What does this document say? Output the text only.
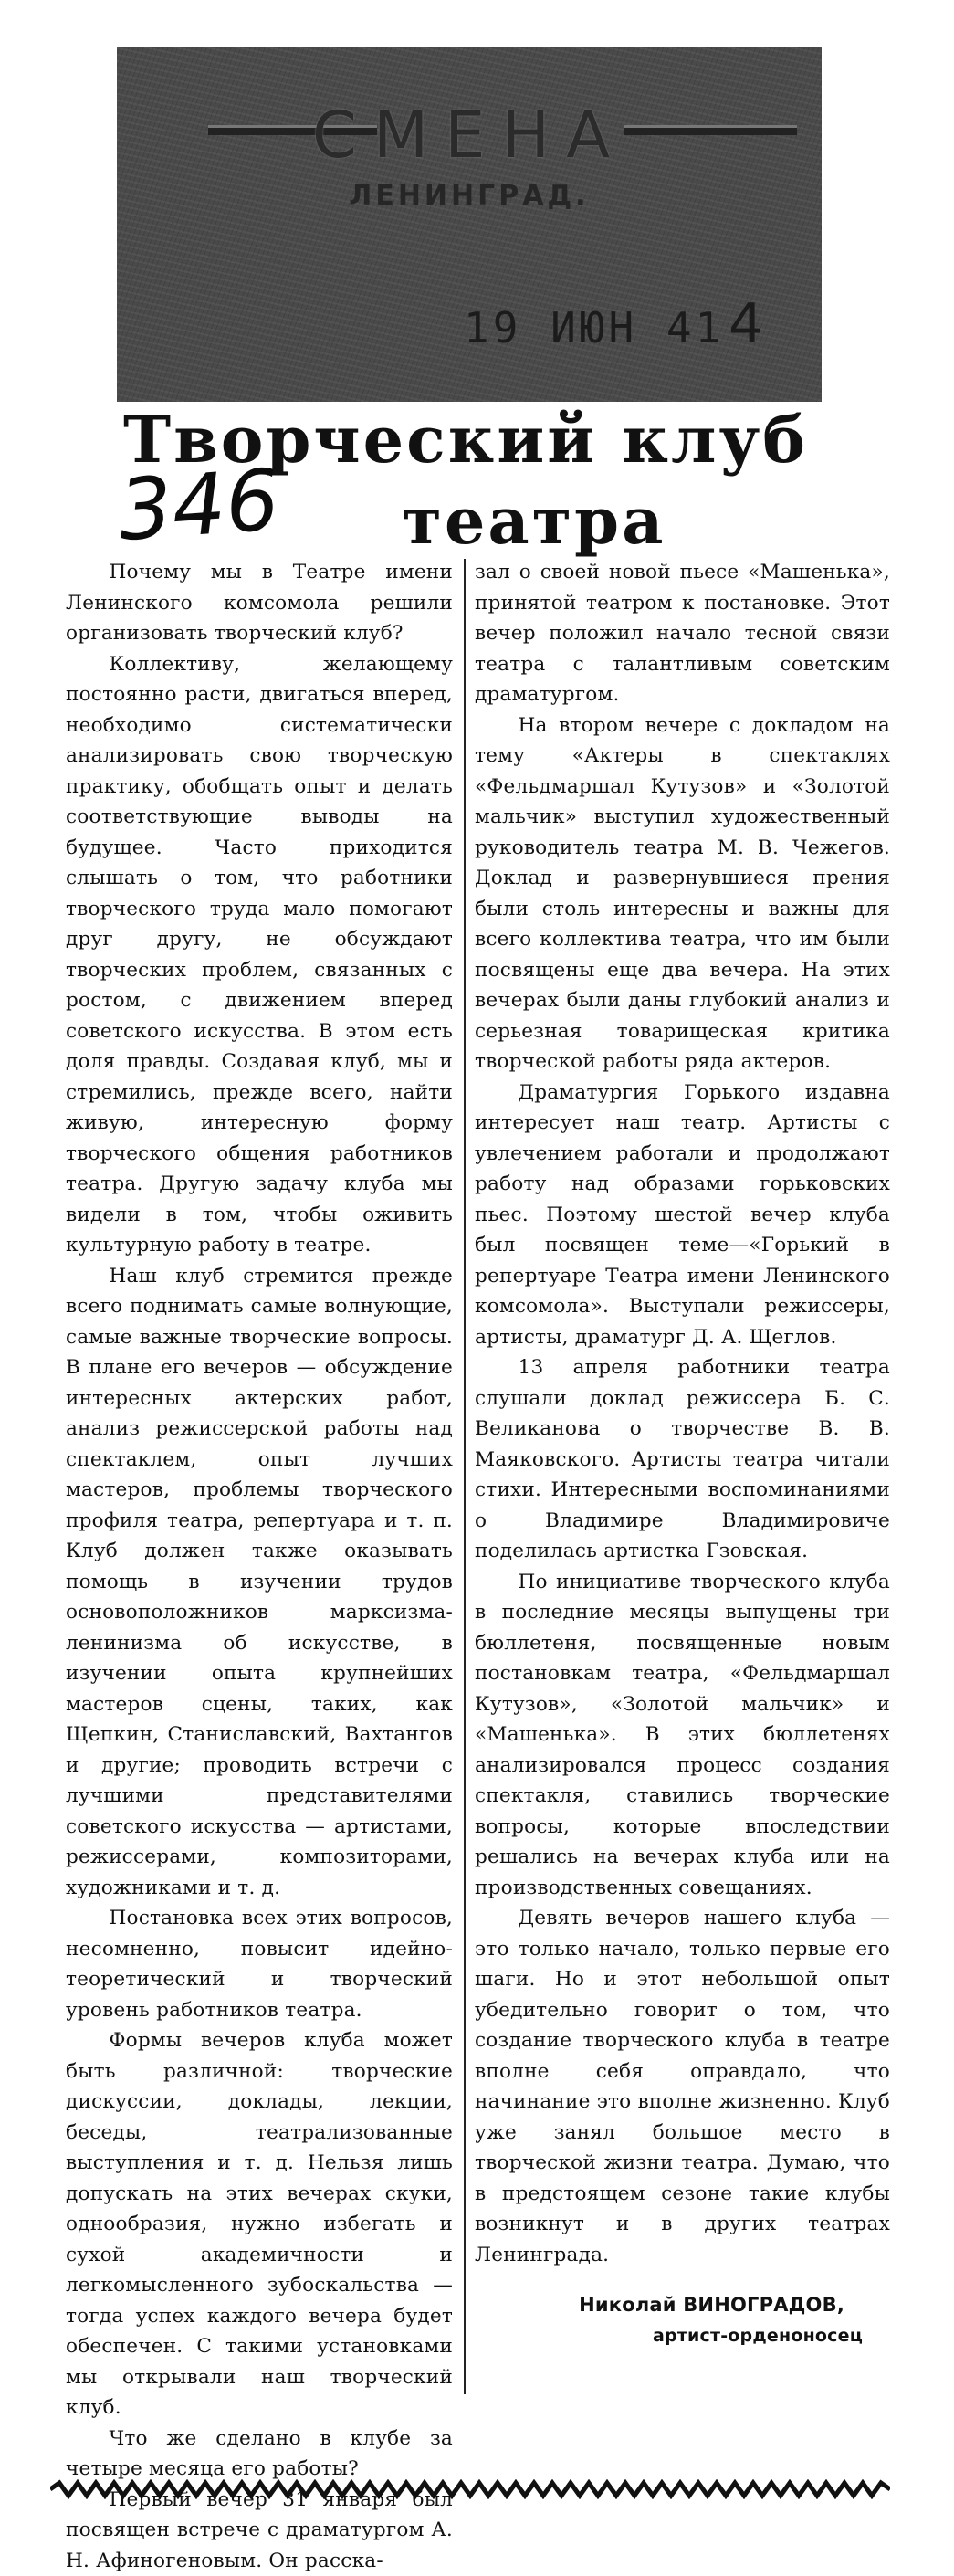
СМЕНА
ЛЕНИНГРАД.
19 ИЮН 41 4
Творческий клуб
театра
346

Почему мы в Театре имени Ленинского комсомола решили организовать творческий клуб?

Коллективу, желающему постоянно расти, двигаться вперед, необходимо систематически анализировать свою творческую практику, обобщать опыт и делать соответствующие выводы на будущее. Часто приходится слышать о том, что работники творческого труда мало помогают друг другу, не обсуждают творческих проблем, связанных с ростом, с движением вперед советского искусства. В этом есть доля правды. Создавая клуб, мы и стремились, прежде всего, найти живую, интересную форму творческого общения работников театра. Другую задачу клуба мы видели в том, чтобы оживить культурную работу в театре.

Наш клуб стремится прежде всего поднимать самые волнующие, самые важные творческие вопросы. В плане его вечеров — обсуждение интересных актерских работ, анализ режиссерской работы над спектаклем, опыт лучших мастеров, проблемы творческого профиля театра, репертуара и т. п. Клуб должен также оказывать помощь в изучении трудов основоположников марксизма-ленинизма об искусстве, в изучении опыта крупнейших мастеров сцены, таких, как Щепкин, Станиславский, Вахтангов и другие; проводить встречи с лучшими представителями советского искусства — артистами, режиссерами, композиторами, художниками и т. д.

Постановка всех этих вопросов, несомненно, повысит идейно-теоретический и творческий уровень работников театра.

Формы вечеров клуба может быть различной: творческие дискуссии, доклады, лекции, беседы, театрализованные выступления и т. д. Нельзя лишь допускать на этих вечерах скуки, однообразия, нужно избегать и сухой академичности и легкомысленного зубоскальства — тогда успех каждого вечера будет обеспечен. С такими установками мы открывали наш творческий клуб.

Что же сделано в клубе за четыре месяца его работы?

Первый вечер 31 января был посвящен встрече с драматургом А. Н. Афиногеновым. Он расска-

зал о своей новой пьесе «Машенька», принятой театром к постановке. Этот вечер положил начало тесной связи театра с талантливым советским драматургом.

На втором вечере с докладом на тему «Актеры в спектаклях «Фельдмаршал Кутузов» и «Золотой мальчик» выступил художественный руководитель театра М. В. Чежегов. Доклад и развернувшиеся прения были столь интересны и важны для всего коллектива театра, что им были посвящены еще два вечера. На этих вечерах были даны глубокий анализ и серьезная товарищеская критика творческой работы ряда актеров.

Драматургия Горького издавна интересует наш театр. Артисты с увлечением работали и продолжают работу над образами горьковских пьес. Поэтому шестой вечер клуба был посвящен теме—«Горький в репертуаре Театра имени Ленинского комсомола». Выступали режиссеры, артисты, драматург Д. А. Щеглов.

13 апреля работники театра слушали доклад режиссера Б. С. Великанова о творчестве В. В. Маяковского. Артисты театра читали стихи. Интересными воспоминаниями о Владимире Владимировиче поделилась артистка Гзовская.

По инициативе творческого клуба в последние месяцы выпущены три бюллетеня, посвященные новым постановкам театра, «Фельдмаршал Кутузов», «Золотой мальчик» и «Машенька». В этих бюллетенях анализировался процесс создания спектакля, ставились творческие вопросы, которые впоследствии решались на вечерах клуба или на производственных совещаниях.

Девять вечеров нашего клуба — это только начало, только первые его шаги. Но и этот небольшой опыт убедительно говорит о том, что создание творческого клуба в театре вполне себя оправдало, что начинание это вполне жизненно. Клуб уже занял большое место в творческой жизни театра. Думаю, что в предстоящем сезоне такие клубы возникнут и в других театрах Ленинграда.

Николай ВИНОГРАДОВ,
артист-орденоносец
